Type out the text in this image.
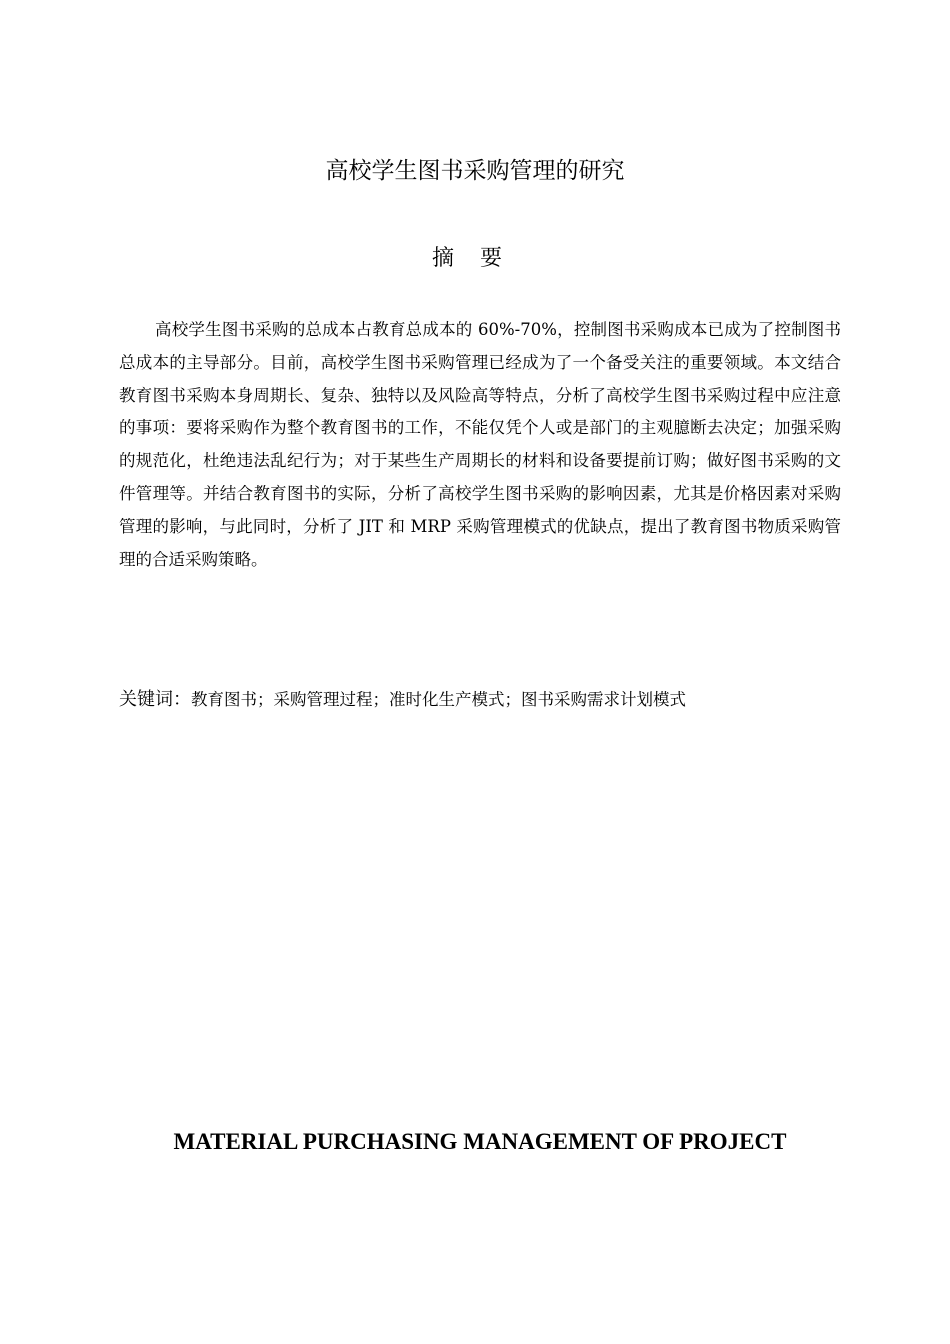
高校学生图书采购管理的研究
摘要

高校学生图书采购的总成本占教育总成本的 60%-70%，控制图书采购成本已成为了控制图书总成本的主导部分。目前，高校学生图书采购管理已经成为了一个备受关注的重要领域。本文结合教育图书采购本身周期长、复杂、独特以及风险高等特点，分析了高校学生图书采购过程中应注意的事项：要将采购作为整个教育图书的工作，不能仅凭个人或是部门的主观臆断去决定；加强采购的规范化，杜绝违法乱纪行为；对于某些生产周期长的材料和设备要提前订购；做好图书采购的文件管理等。并结合教育图书的实际，分析了高校学生图书采购的影响因素，尤其是价格因素对采购管理的影响，与此同时，分析了 JIT 和 MRP 采购管理模式的优缺点，提出了教育图书物质采购管理的合适采购策略。

关键词：教育图书；采购管理过程；准时化生产模式；图书采购需求计划模式

MATERIAL PURCHASING MANAGEMENT OF PROJECT
